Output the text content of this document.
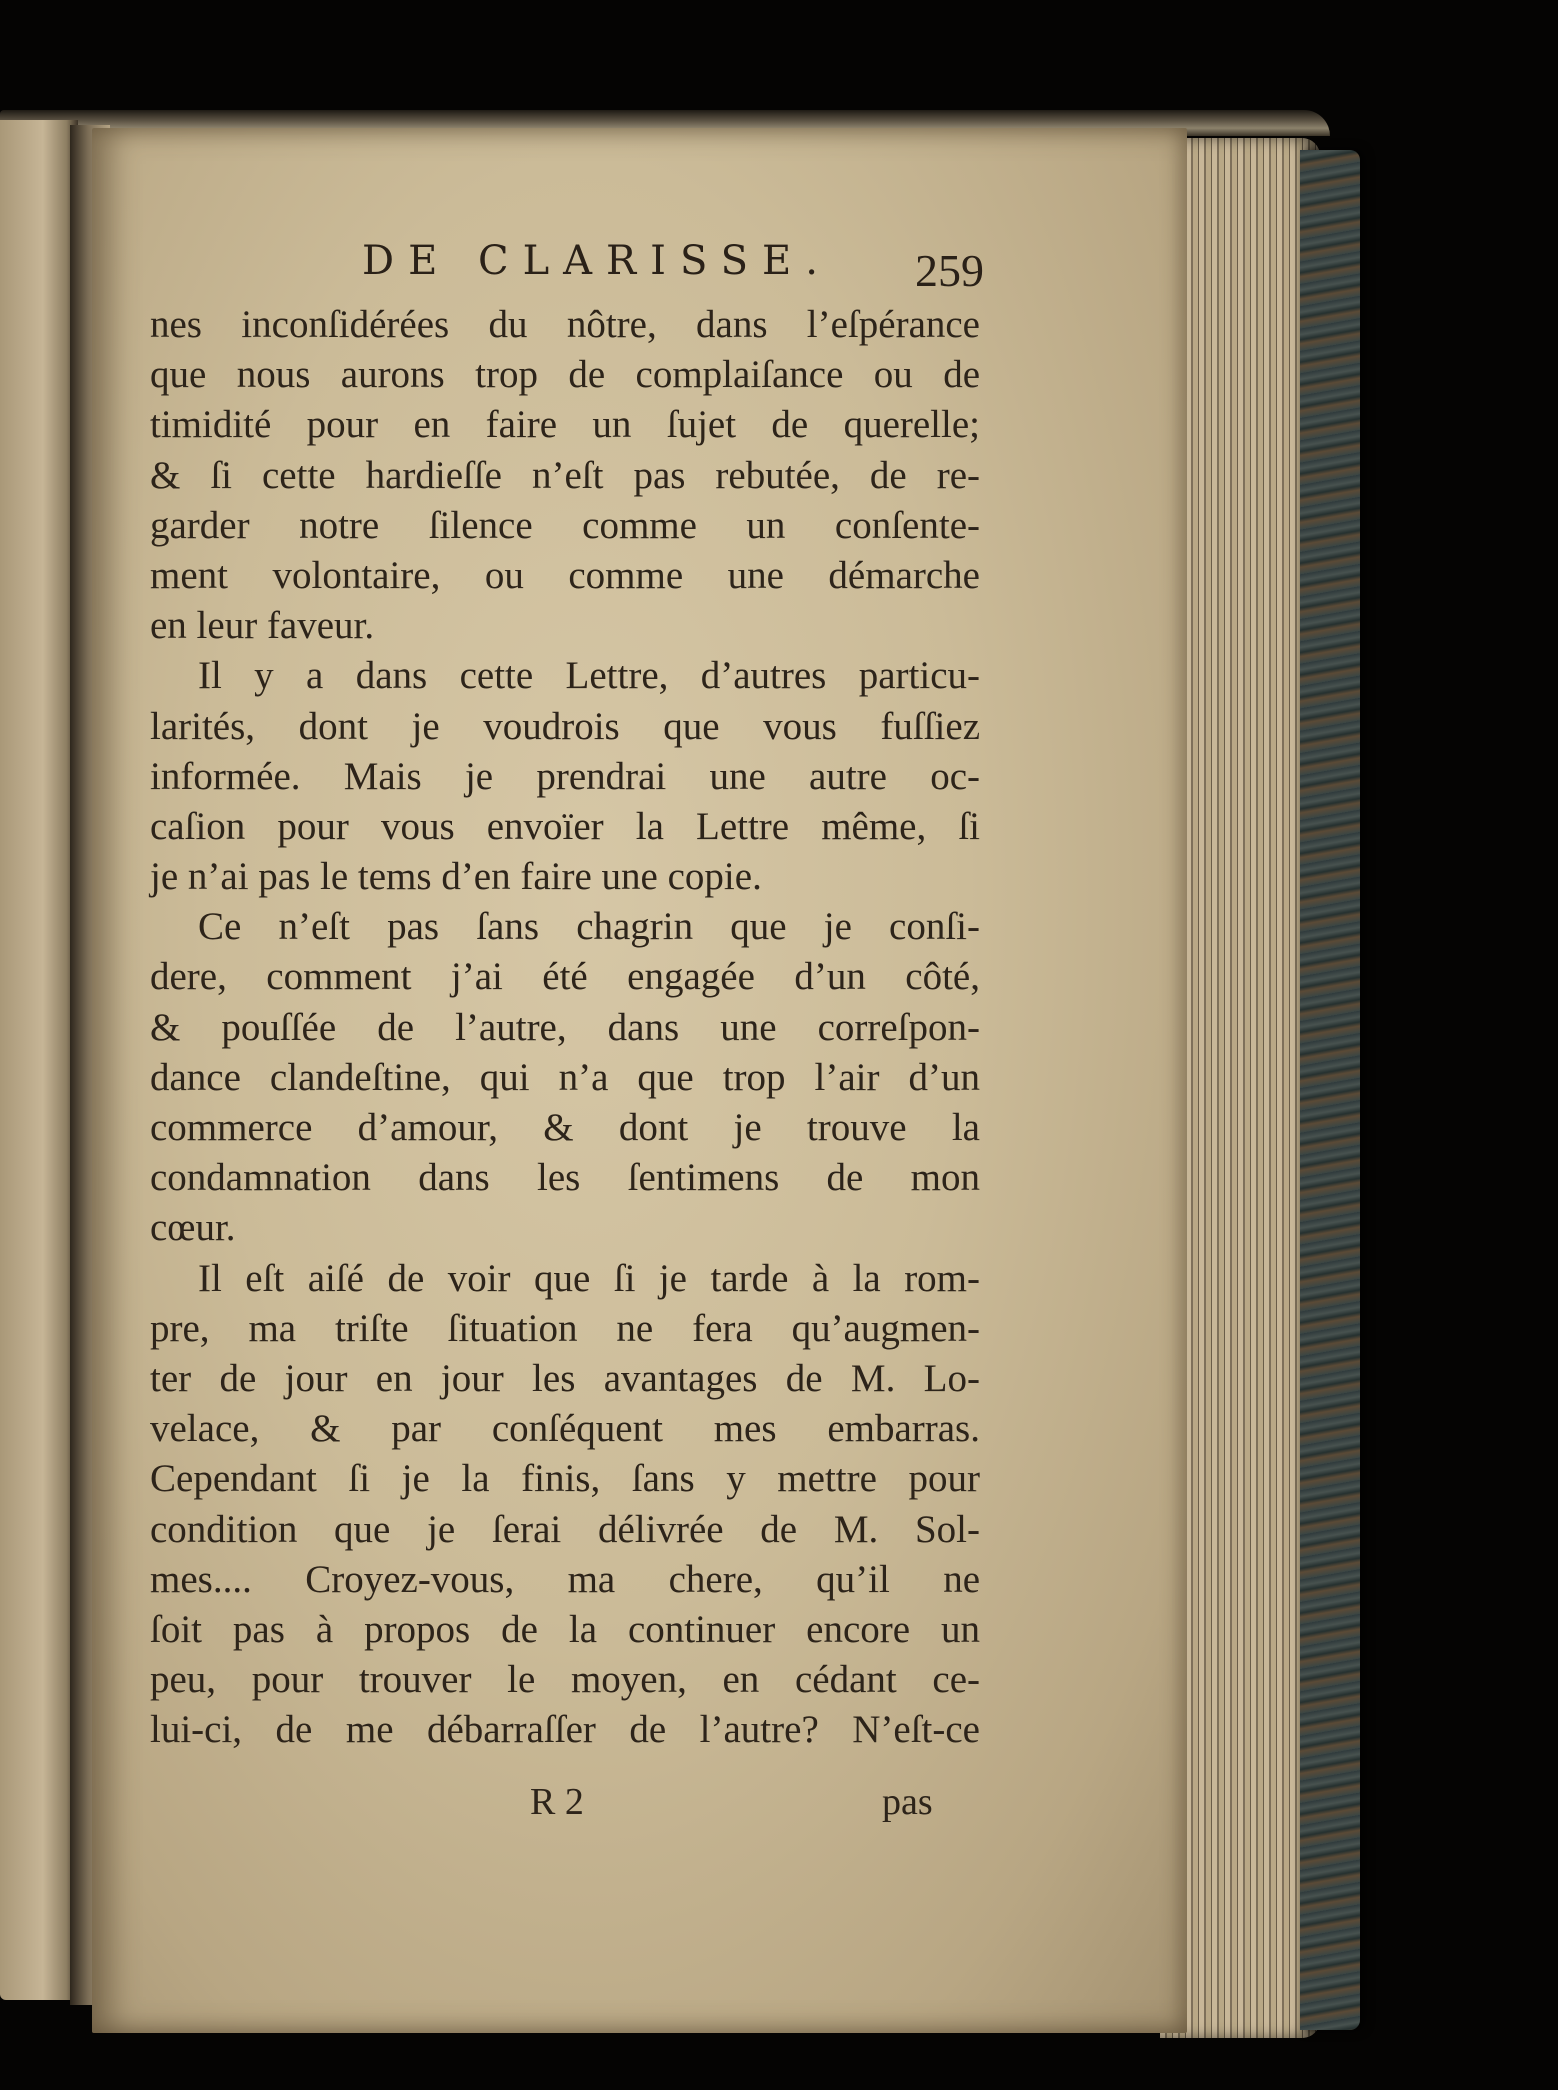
DE CLARISSE. 259
nes inconſidérées du nôtre, dans l’eſpérance
que nous aurons trop de complaiſance ou de
timidité pour en faire un ſujet de querelle;
& ſi cette hardieſſe n’eſt pas rebutée, de re-
garder notre ſilence comme un conſente-
ment volontaire, ou comme une démarche
en leur faveur.
Il y a dans cette Lettre, d’autres particu-
larités, dont je voudrois que vous fuſſiez
informée. Mais je prendrai une autre oc-
caſion pour vous envoïer la Lettre même, ſi
je n’ai pas le tems d’en faire une copie.
Ce n’eſt pas ſans chagrin que je conſi-
dere, comment j’ai été engagée d’un côté,
& pouſſée de l’autre, dans une correſpon-
dance clandeſtine, qui n’a que trop l’air d’un
commerce d’amour, & dont je trouve la
condamnation dans les ſentimens de mon
cœur.
Il eſt aiſé de voir que ſi je tarde à la rom-
pre, ma triſte ſituation ne fera qu’augmen-
ter de jour en jour les avantages de M. Lo-
velace, & par conſéquent mes embarras.
Cependant ſi je la finis, ſans y mettre pour
condition que je ſerai délivrée de M. Sol-
mes.... Croyez-vous, ma chere, qu’il ne
ſoit pas à propos de la continuer encore un
peu, pour trouver le moyen, en cédant ce-
lui-ci, de me débarraſſer de l’autre? N’eſt-ce
R 2	pas
